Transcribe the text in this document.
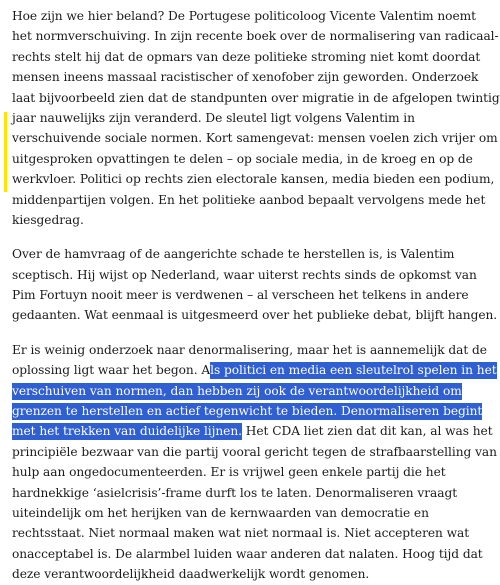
Hoe zijn we hier beland? De Portugese politicoloog Vicente Valentim noemt
het normverschuiving. In zijn recente boek over de normalisering van radicaal-
rechts stelt hij dat de opmars van deze politieke stroming niet komt doordat
mensen ineens massaal racistischer of xenofober zijn geworden. Onderzoek
laat bijvoorbeeld zien dat de standpunten over migratie in de afgelopen twintig
jaar nauwelijks zijn veranderd. De sleutel ligt volgens Valentim in
verschuivende sociale normen. Kort samengevat: mensen voelen zich vrijer om
uitgesproken opvattingen te delen – op sociale media, in de kroeg en op de
werkvloer. Politici op rechts zien electorale kansen, media bieden een podium,
middenpartijen volgen. En het politieke aanbod bepaalt vervolgens mede het
kiesgedrag.
Over de hamvraag of de aangerichte schade te herstellen is, is Valentim
sceptisch. Hij wijst op Nederland, waar uiterst rechts sinds de opkomst van
Pim Fortuyn nooit meer is verdwenen – al verscheen het telkens in andere
gedaanten. Wat eenmaal is uitgesmeerd over het publieke debat, blijft hangen.
Er is weinig onderzoek naar denormalisering, maar het is aannemelijk dat de
oplossing ligt waar het begon. Als politici en media een sleutelrol spelen in het
verschuiven van normen, dan hebben zij ook de verantwoordelijkheid om
grenzen te herstellen en actief tegenwicht te bieden. Denormaliseren begint
met het trekken van duidelijke lijnen. Het CDA liet zien dat dit kan, al was het
principiële bezwaar van die partij vooral gericht tegen de strafbaarstelling van
hulp aan ongedocumenteerden. Er is vrijwel geen enkele partij die het
hardnekkige ‘asielcrisis’-frame durft los te laten. Denormaliseren vraagt
uiteindelijk om het herijken van de kernwaarden van democratie en
rechtsstaat. Niet normaal maken wat niet normaal is. Niet accepteren wat
onacceptabel is. De alarmbel luiden waar anderen dat nalaten. Hoog tijd dat
deze verantwoordelijkheid daadwerkelijk wordt genomen.
